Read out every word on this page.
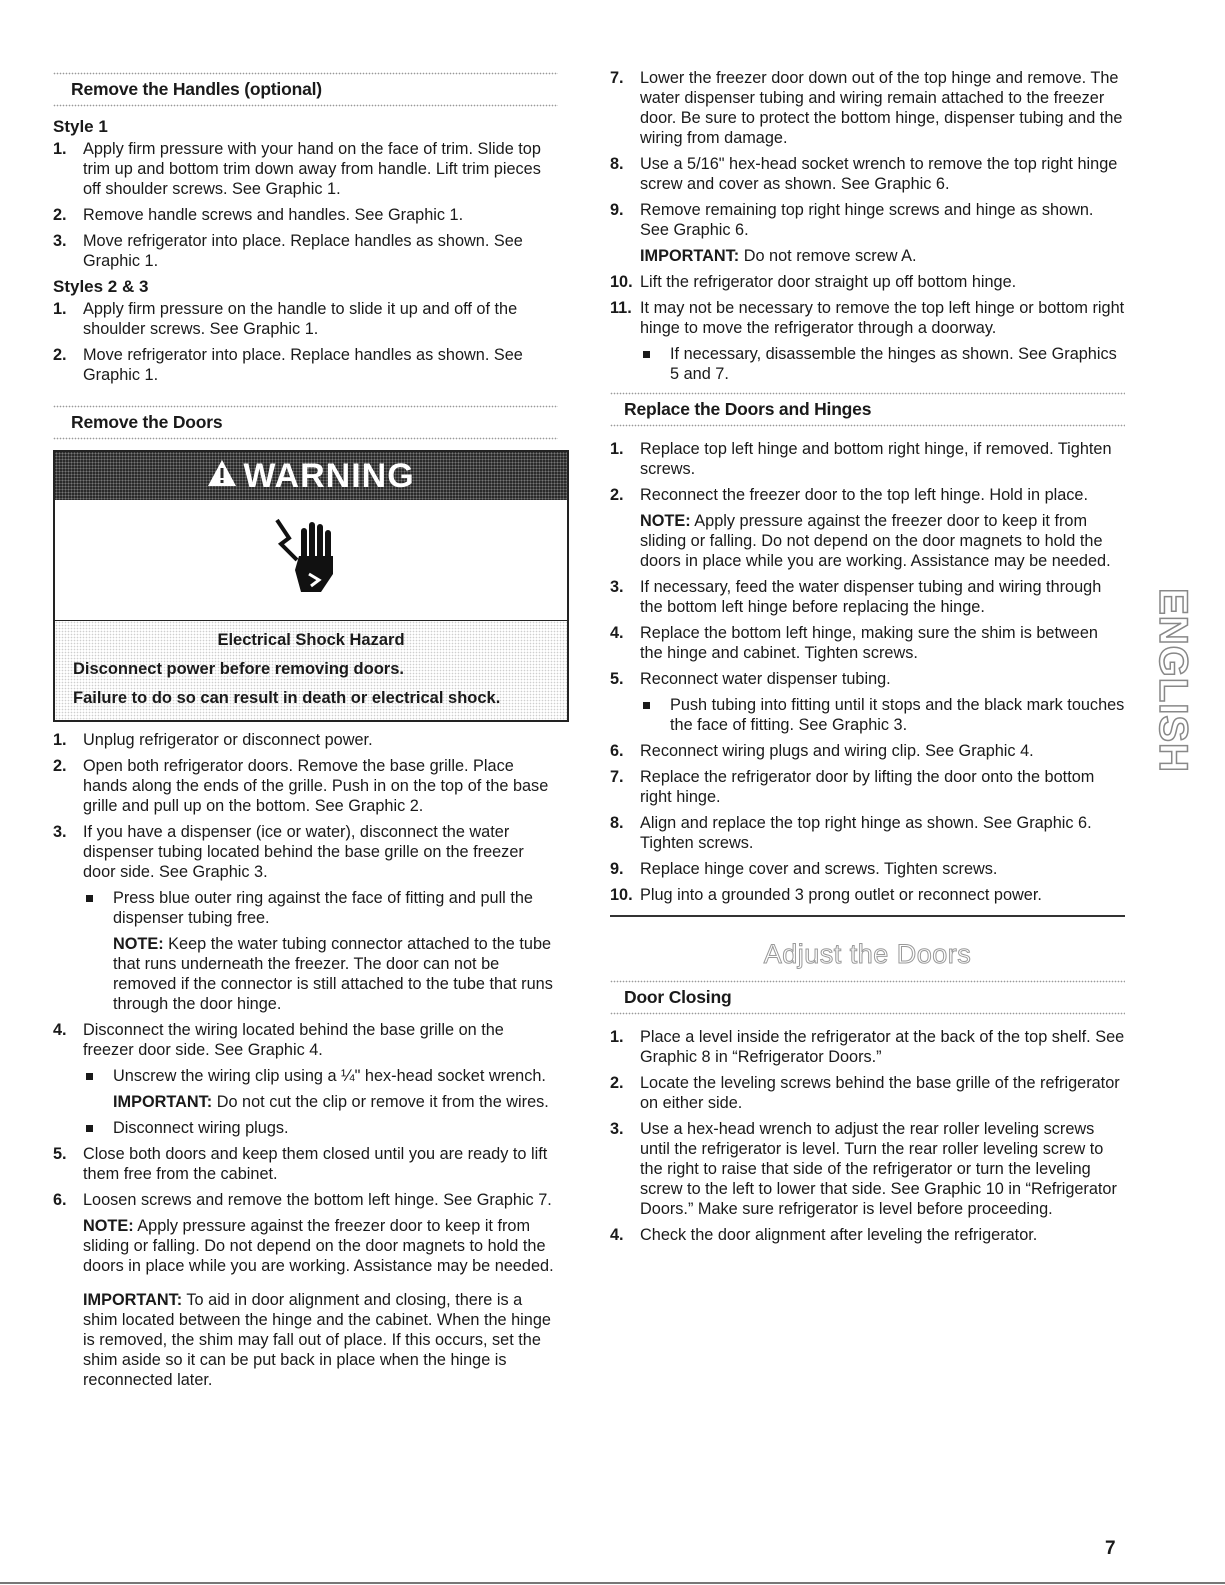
Remove the Handles (optional)
Style 1
1. Apply firm pressure with your hand on the face of trim. Slide top trim up and bottom trim down away from handle. Lift trim pieces off shoulder screws. See Graphic 1.

2. Remove handle screws and handles. See Graphic 1.

3. Move refrigerator into place. Replace handles as shown. See Graphic 1.

Styles 2 & 3
1. Apply firm pressure on the handle to slide it up and off of the shoulder screws. See Graphic 1.

2. Move refrigerator into place. Replace handles as shown. See Graphic 1.

Remove the Doors
WARNING
Electrical Shock Hazard

Disconnect power before removing doors.

Failure to do so can result in death or electrical shock.

1. Unplug refrigerator or disconnect power.

2. Open both refrigerator doors. Remove the base grille. Place hands along the ends of the grille. Push in on the top of the base grille and pull up on the bottom. See Graphic 2.

3. If you have a dispenser (ice or water), disconnect the water dispenser tubing located behind the base grille on the freezer door side. See Graphic 3.

Press blue outer ring against the face of fitting and pull the dispenser tubing free.

NOTE: Keep the water tubing connector attached to the tube that runs underneath the freezer. The door can not be removed if the connector is still attached to the tube that runs through the door hinge.

4. Disconnect the wiring located behind the base grille on the freezer door side. See Graphic 4.

Unscrew the wiring clip using a ¼" hex-head socket wrench.

IMPORTANT: Do not cut the clip or remove it from the wires.

Disconnect wiring plugs.

5. Close both doors and keep them closed until you are ready to lift them free from the cabinet.

6. Loosen screws and remove the bottom left hinge. See Graphic 7.

NOTE: Apply pressure against the freezer door to keep it from sliding or falling. Do not depend on the door magnets to hold the doors in place while you are working. Assistance may be needed.

IMPORTANT: To aid in door alignment and closing, there is a shim located between the hinge and the cabinet. When the hinge is removed, the shim may fall out of place. If this occurs, set the shim aside so it can be put back in place when the hinge is reconnected later.

7. Lower the freezer door down out of the top hinge and remove. The water dispenser tubing and wiring remain attached to the freezer door. Be sure to protect the bottom hinge, dispenser tubing and the wiring from damage.

8. Use a 5/16" hex-head socket wrench to remove the top right hinge screw and cover as shown. See Graphic 6.

9. Remove remaining top right hinge screws and hinge as shown. See Graphic 6.

IMPORTANT: Do not remove screw A.

10. Lift the refrigerator door straight up off bottom hinge.

11. It may not be necessary to remove the top left hinge or bottom right hinge to move the refrigerator through a doorway.

If necessary, disassemble the hinges as shown. See Graphics 5 and 7.

Replace the Doors and Hinges
1. Replace top left hinge and bottom right hinge, if removed. Tighten screws.

2. Reconnect the freezer door to the top left hinge. Hold in place.

NOTE: Apply pressure against the freezer door to keep it from sliding or falling. Do not depend on the door magnets to hold the doors in place while you are working. Assistance may be needed.

3. If necessary, feed the water dispenser tubing and wiring through the bottom left hinge before replacing the hinge.

4. Replace the bottom left hinge, making sure the shim is between the hinge and cabinet. Tighten screws.

5. Reconnect water dispenser tubing.

Push tubing into fitting until it stops and the black mark touches the face of fitting. See Graphic 3.

6. Reconnect wiring plugs and wiring clip. See Graphic 4.

7. Replace the refrigerator door by lifting the door onto the bottom right hinge.

8. Align and replace the top right hinge as shown. See Graphic 6. Tighten screws.

9. Replace hinge cover and screws. Tighten screws.

10. Plug into a grounded 3 prong outlet or reconnect power.

Adjust the Doors
Door Closing
1. Place a level inside the refrigerator at the back of the top shelf. See Graphic 8 in “Refrigerator Doors.”

2. Locate the leveling screws behind the base grille of the refrigerator on either side.

3. Use a hex-head wrench to adjust the rear roller leveling screws until the refrigerator is level. Turn the rear roller leveling screw to the right to raise that side of the refrigerator or turn the leveling screw to the left to lower that side. See Graphic 10 in “Refrigerator Doors.” Make sure refrigerator is level before proceeding.

4. Check the door alignment after leveling the refrigerator.

ENGLISH
7
